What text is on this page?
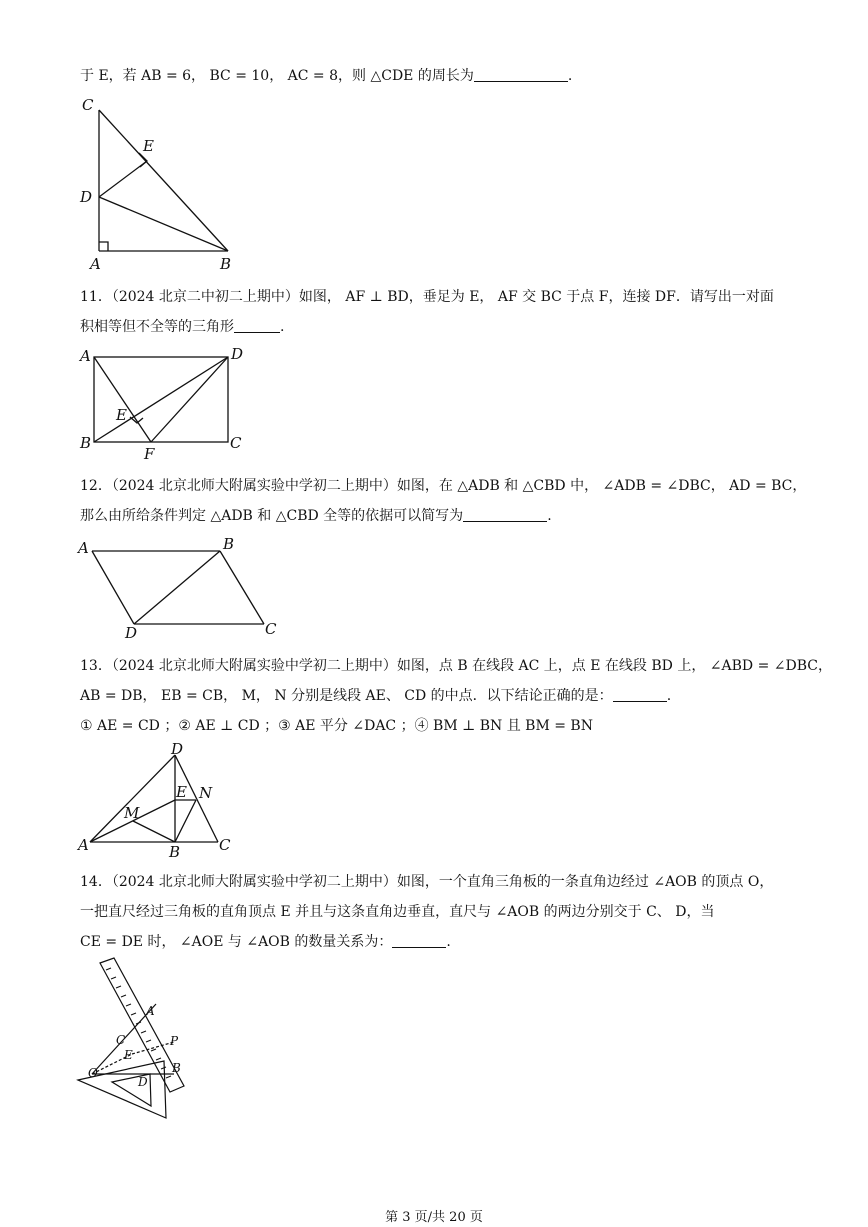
于 E，若 AB = 6， BC = 10， AC = 8，则 △CDE 的周长为	.
C
E
D
A	B
11．（2024 北京二中初二上期中）如图， AF ⊥ BD，垂足为 E， AF 交 BC 于点 F，连接 DF．请写出一对面
积相等但不全等的三角形	.
A	D
E
B
F
C
12．（2024 北京北师大附属实验中学初二上期中）如图，在 △ADB 和 △CBD 中， ∠ADB = ∠DBC， AD = BC，
那么由所给条件判定 △ADB 和 △CBD 全等的依据可以简写为	.
A	B
D	C
13．（2024 北京北师大附属实验中学初二上期中）如图，点 B 在线段 AC 上，点 E 在线段 BD 上， ∠ABD = ∠DBC，
AB = DB， EB = CB， M， N 分别是线段 AE、 CD 的中点．以下结论正确的是：	.
① AE = CD ；② AE ⊥ CD ；③ AE 平分 ∠DAC ；④ BM ⊥ BN 且 BM = BN
D
E N
M
A	B	C
14．（2024 北京北师大附属实验中学初二上期中）如图，一个直角三角板的一条直角边经过 ∠AOB 的顶点 O，
一把直尺经过三角板的直角顶点 E 并且与这条直角边垂直，直尺与 ∠AOB 的两边分别交于 C、 D，当
CE = DE 时， ∠AOE 与 ∠AOB 的数量关系为：	.
A
C
E
P
O
D
B
第 3 页/共 20 页
